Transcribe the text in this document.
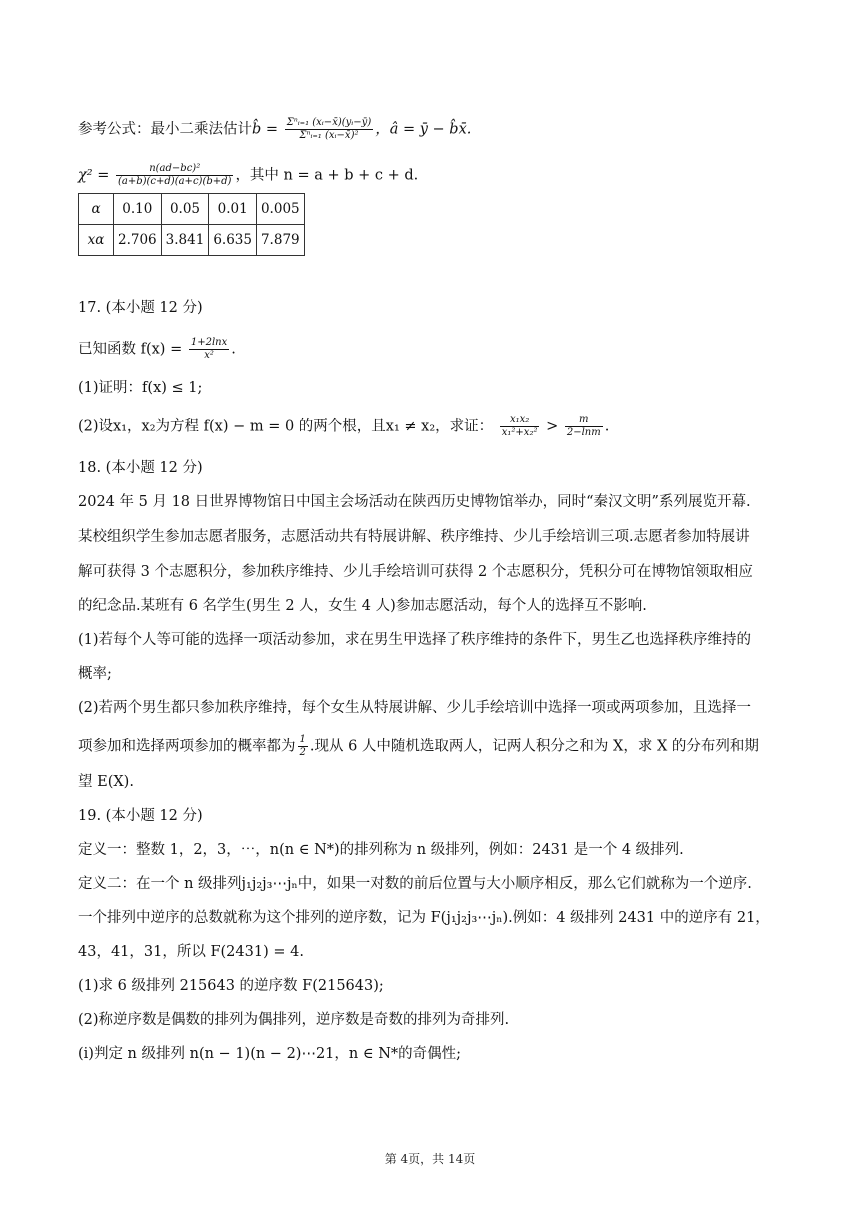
参考公式：最小二乘法估计b̂ = $\frac{\text{Σⁿᵢ₌₁ (xᵢ−x̄)(yᵢ−ȳ)}}{\text{Σⁿᵢ₌₁ (xᵢ−x̄)²}}$ ，â = ȳ − b̂x̄.
$\chi^2 = \frac{\text{n(ad−bc)²}}{(a+b)(c+d)(a+c)(b+d)}$ ，其中 n = a + b + c + d.
α	0.10	0.05	0.01	0.005
xα	2.706	3.841	6.635	7.879
17. (本小题 12 分)
已知函数 $f(x) = \frac{1+2\ln x}{\text{x²}}$ .
(1)证明：f(x) ≤ 1;
(2)设x₁，x₂为方程 f(x) − m = 0 的两个根，且x₁ ≠ x₂，求证： $\frac{\text{x₁x₂}}{\text{x₁²+x₂²}} > \frac{m}{2-\ln m}$ .
18. (本小题 12 分)
2024 年 5 月 18 日世界博物馆日中国主会场活动在陕西历史博物馆举办，同时“秦汉文明”系列展览开幕.
某校组织学生参加志愿者服务，志愿活动共有特展讲解、秩序维持、少儿手绘培训三项.志愿者参加特展讲
解可获得 3 个志愿积分，参加秩序维持、少儿手绘培训可获得 2 个志愿积分，凭积分可在博物馆领取相应
的纪念品.某班有 6 名学生(男生 2 人，女生 4 人)参加志愿活动，每个人的选择互不影响.
(1)若每个人等可能的选择一项活动参加，求在男生甲选择了秩序维持的条件下，男生乙也选择秩序维持的
概率;
(2)若两个男生都只参加秩序维持，每个女生从特展讲解、少儿手绘培训中选择一项或两项参加，且选择一
项参加和选择两项参加的概率都为 $\frac{1}{2}$ .现从 6 人中随机选取两人，记两人积分之和为 X，求 X 的分布列和期
望 E(X).
19. (本小题 12 分)
定义一：整数 1，2，3，⋯，n(n ∈ N*)的排列称为 n 级排列，例如：2431 是一个 4 级排列.
定义二：在一个 n 级排列j₁j₂j₃⋯jₙ中，如果一对数的前后位置与大小顺序相反，那么它们就称为一个逆序.
一个排列中逆序的总数就称为这个排列的逆序数，记为 F(j₁j₂j₃⋯jₙ).例如：4 级排列 2431 中的逆序有 21，
43，41，31，所以 F(2431) = 4.
(1)求 6 级排列 215643 的逆序数 F(215643);
(2)称逆序数是偶数的排列为偶排列，逆序数是奇数的排列为奇排列.
(ⅰ)判定 n 级排列 n(n − 1)(n − 2)⋯21，n ∈ N*的奇偶性;
第 4页，共 14页
